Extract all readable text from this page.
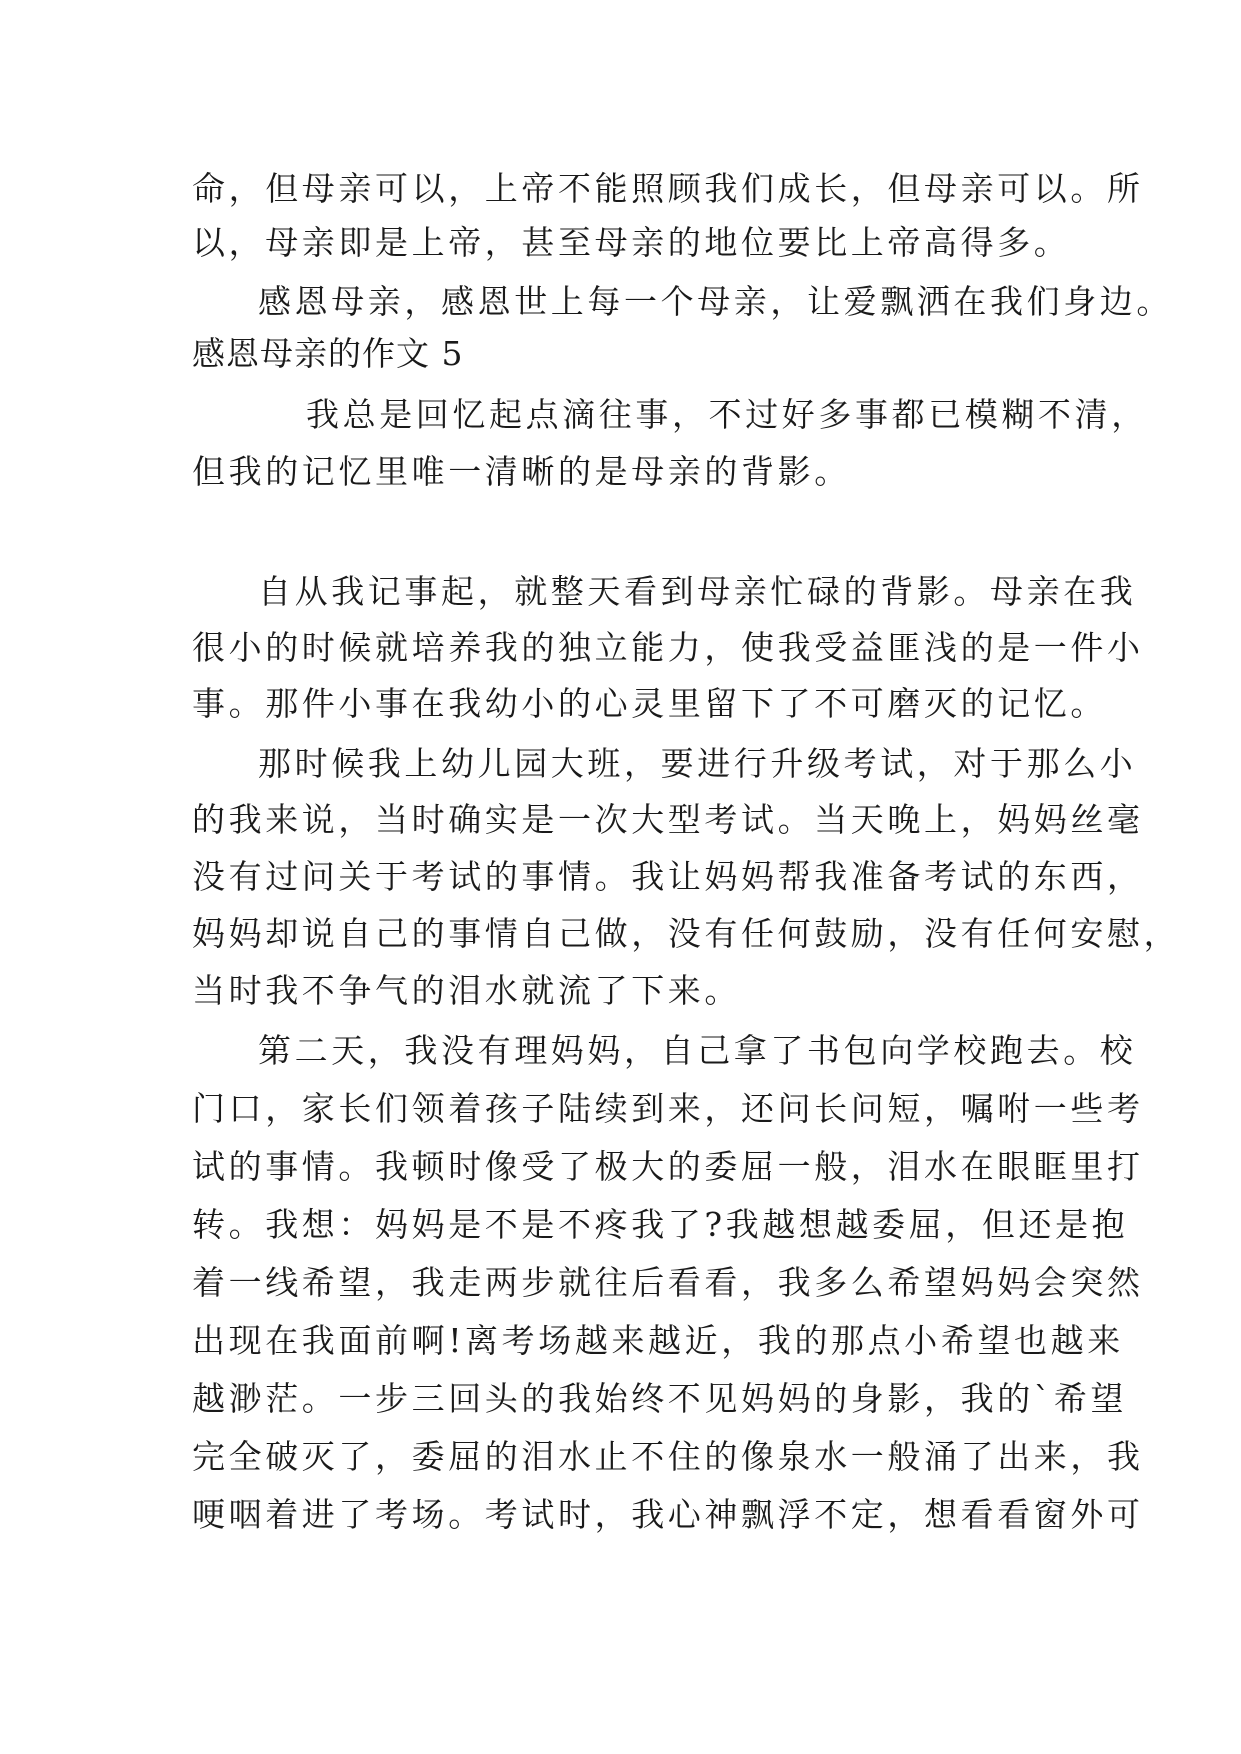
命，但母亲可以，上帝不能照顾我们成长，但母亲可以。所
以，母亲即是上帝，甚至母亲的地位要比上帝高得多。
感恩母亲，感恩世上每一个母亲，让爱飘洒在我们身边。
感恩母亲的作文 5
我总是回忆起点滴往事，不过好多事都已模糊不清，
但我的记忆里唯一清晰的是母亲的背影。
自从我记事起，就整天看到母亲忙碌的背影。母亲在我
很小的时候就培养我的独立能力，使我受益匪浅的是一件小
事。那件小事在我幼小的心灵里留下了不可磨灭的记忆。
那时候我上幼儿园大班，要进行升级考试，对于那么小
的我来说，当时确实是一次大型考试。当天晚上，妈妈丝毫
没有过问关于考试的事情。我让妈妈帮我准备考试的东西，
妈妈却说自己的事情自己做，没有任何鼓励，没有任何安慰，
当时我不争气的泪水就流了下来。
第二天，我没有理妈妈，自己拿了书包向学校跑去。校
门口，家长们领着孩子陆续到来，还问长问短，嘱咐一些考
试的事情。我顿时像受了极大的委屈一般，泪水在眼眶里打
转。我想：妈妈是不是不疼我了?我越想越委屈，但还是抱
着一线希望，我走两步就往后看看，我多么希望妈妈会突然
出现在我面前啊!离考场越来越近，我的那点小希望也越来
越渺茫。一步三回头的我始终不见妈妈的身影，我的`希望
完全破灭了，委屈的泪水止不住的像泉水一般涌了出来，我
哽咽着进了考场。考试时，我心神飘浮不定，想看看窗外可
